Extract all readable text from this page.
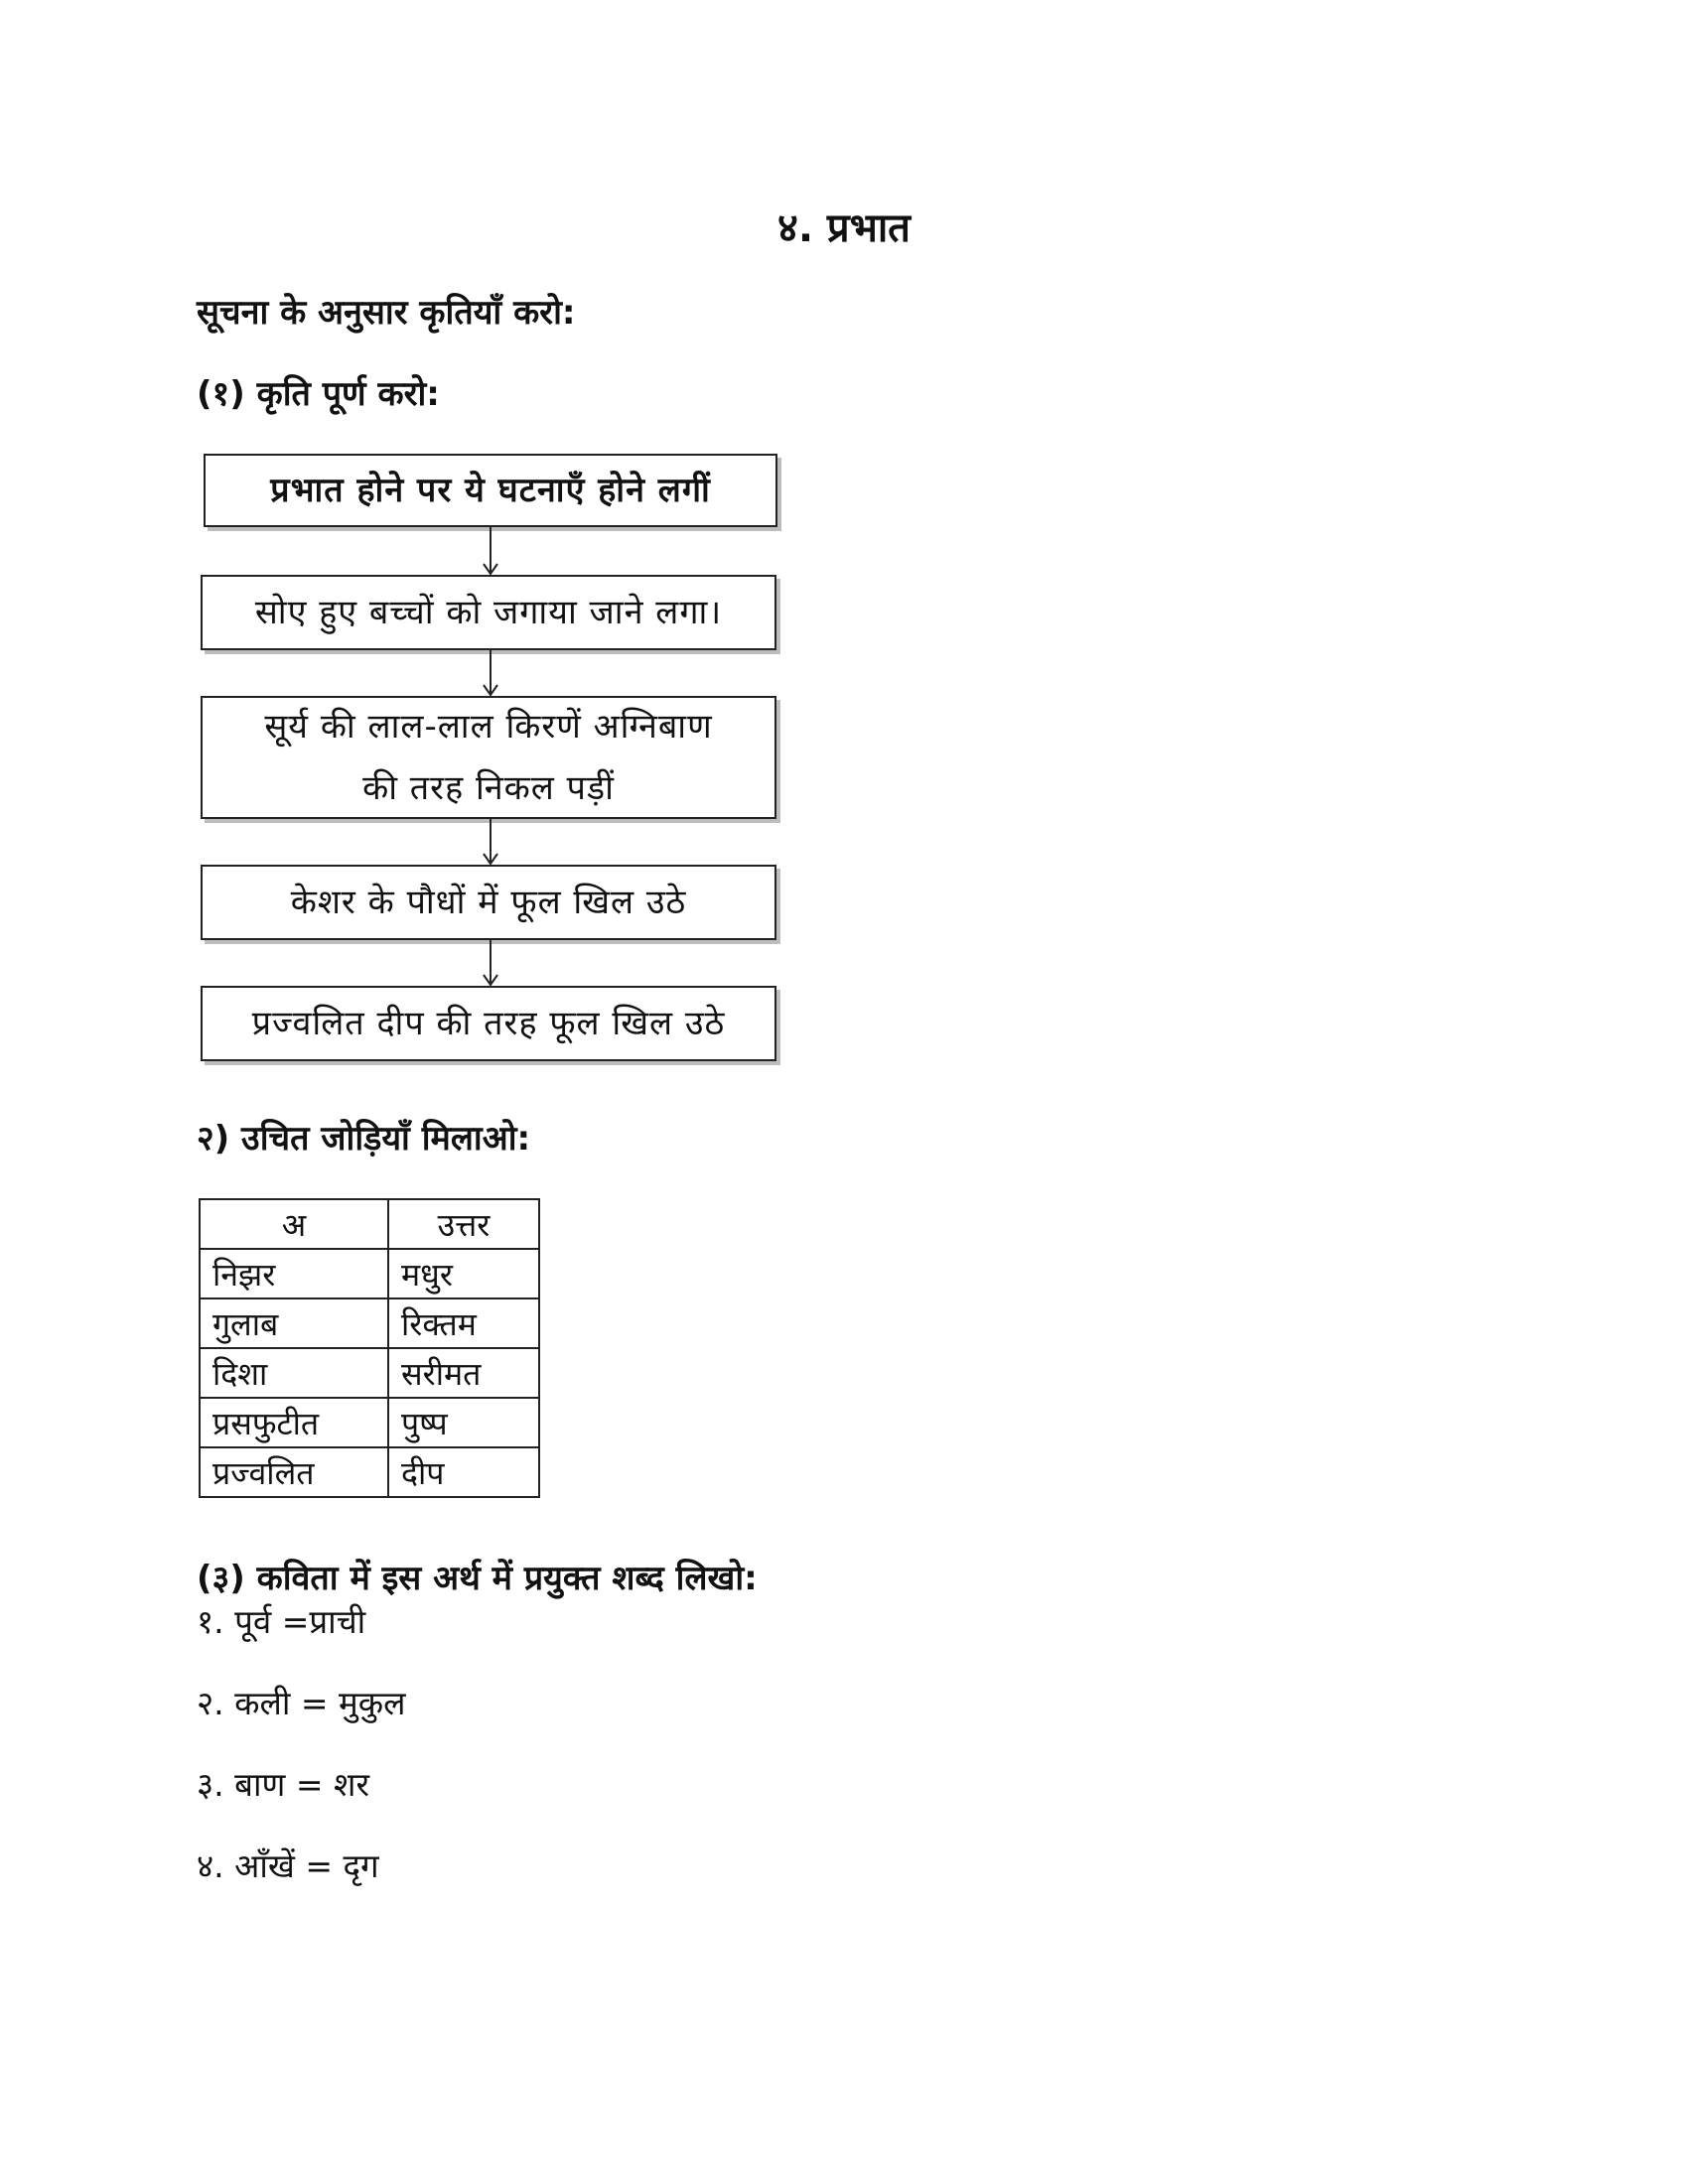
४. प्रभात
सूचना के अनुसार कृतियाँ करो:
(१) कृति पूर्ण करो:
प्रभात होने पर ये घटनाएँ होने लगीं
सोए हुए बच्चों को जगाया जाने लगा।
सूर्य की लाल-लाल किरणें अग्निबाण
की तरह निकल पड़ीं
केशर के पौधों में फूल खिल उठे
प्रज्वलित दीप की तरह फूल खिल उठे
२) उचित जोड़ियाँ मिलाओ:
अ	उत्तर
निझर	मधुर
गुलाब	रिक्तम
दिशा	सरीमत
प्रसफुटीत	पुष्प
प्रज्वलित	दीप
(३) कविता में इस अर्थ में प्रयुक्त शब्द लिखो:
१. पूर्व =प्राची
२. कली = मुकुल
३. बाण = शर
४. आँखें = दृग
